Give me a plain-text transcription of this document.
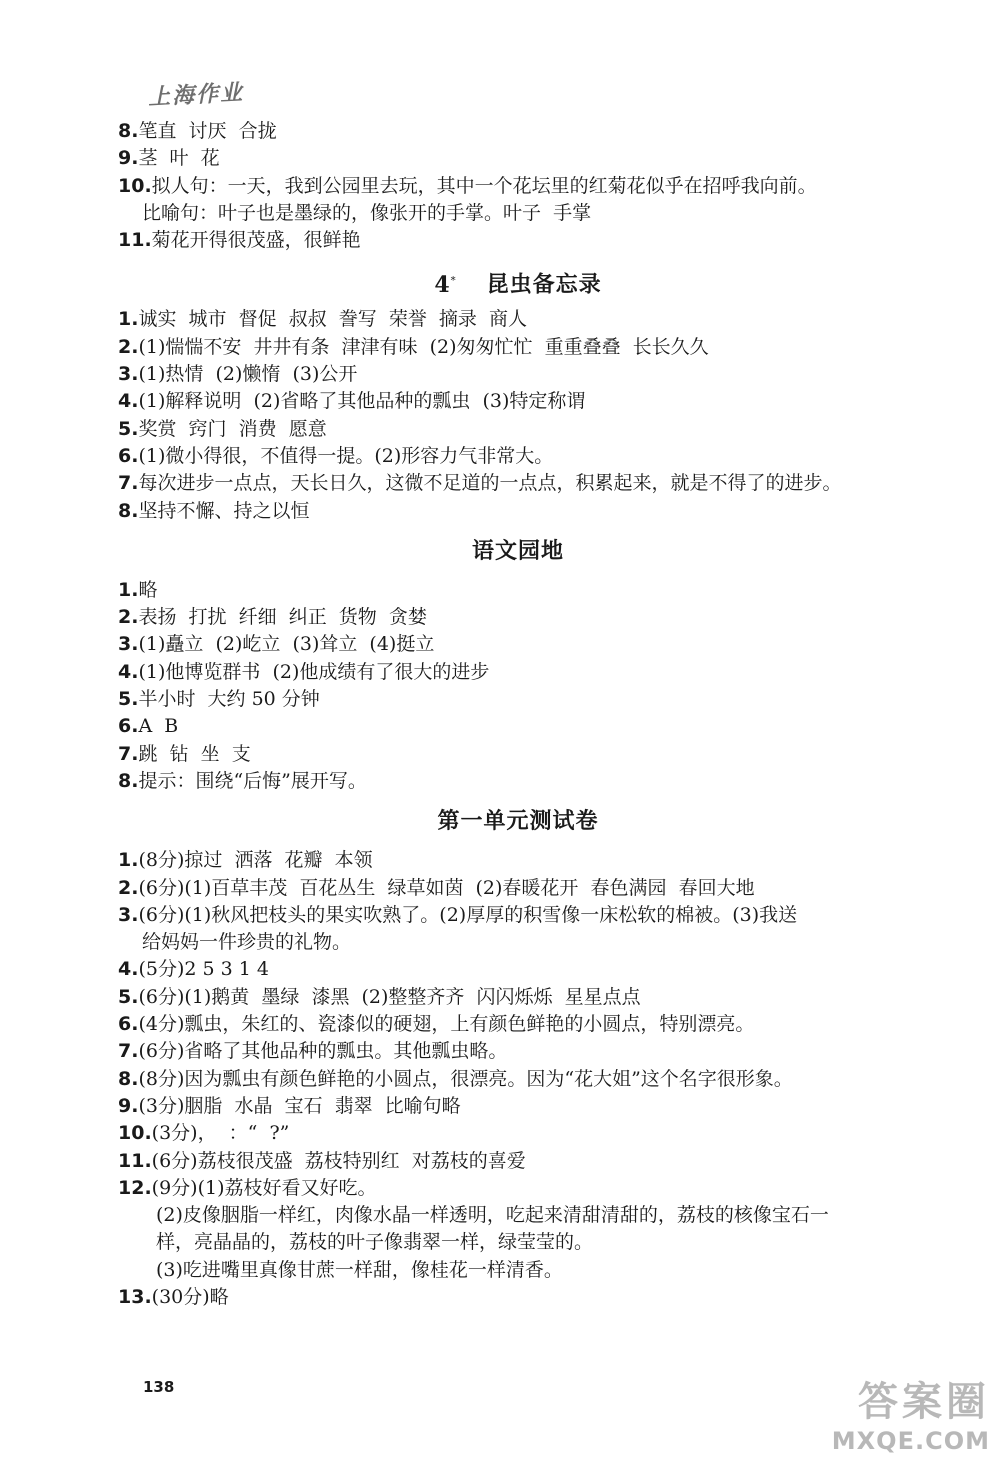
上海作业
8.笔直  讨厌  合拢
9.茎  叶  花
10.拟人句：一天，我到公园里去玩，其中一个花坛里的红菊花似乎在招呼我向前。
比喻句：叶子也是墨绿的，像张开的手掌。叶子  手掌
11.菊花开得很茂盛，很鲜艳
4* 昆虫备忘录
1.诚实  城市  督促  叔叔  誊写  荣誉  摘录  商人
2.(1)惴惴不安  井井有条  津津有味  (2)匆匆忙忙  重重叠叠  长长久久
3.(1)热情  (2)懒惰  (3)公开
4.(1)解释说明  (2)省略了其他品种的瓢虫  (3)特定称谓
5.奖赏  窍门  消费  愿意
6.(1)微小得很，不值得一提。(2)形容力气非常大。
7.每次进步一点点，天长日久，这微不足道的一点点，积累起来，就是不得了的进步。
8.坚持不懈、持之以恒
语文园地
1.略
2.表扬  打扰  纤细  纠正  货物  贪婪
3.(1)矗立  (2)屹立  (3)耸立  (4)挺立
4.(1)他博览群书  (2)他成绩有了很大的进步
5.半小时  大约 50 分钟
6.A  B
7.跳  钻  坐  支
8.提示：围绕“后悔”展开写。
第一单元测试卷
1.(8分)掠过  洒落  花瓣  本领
2.(6分)(1)百草丰茂  百花丛生  绿草如茵  (2)春暖花开  春色满园  春回大地
3.(6分)(1)秋风把枝头的果实吹熟了。(2)厚厚的积雪像一床松软的棉被。(3)我送
给妈妈一件珍贵的礼物。
4.(5分)2 5 3 1 4
5.(6分)(1)鹅黄  墨绿  漆黑  (2)整整齐齐  闪闪烁烁  星星点点
6.(4分)瓢虫，朱红的、瓷漆似的硬翅，上有颜色鲜艳的小圆点，特别漂亮。
7.(6分)省略了其他品种的瓢虫。其他瓢虫略。
8.(8分)因为瓢虫有颜色鲜艳的小圆点，很漂亮。因为“花大姐”这个名字很形象。
9.(3分)胭脂  水晶  宝石  翡翠  比喻句略
10.(3分)，  ：“  ?”
11.(6分)荔枝很茂盛  荔枝特别红  对荔枝的喜爱
12.(9分)(1)荔枝好看又好吃。
(2)皮像胭脂一样红，肉像水晶一样透明，吃起来清甜清甜的，荔枝的核像宝石一
样，亮晶晶的，荔枝的叶子像翡翠一样，绿莹莹的。
(3)吃进嘴里真像甘蔗一样甜，像桂花一样清香。
13.(30分)略
138	答案圈
MXQE.COM
